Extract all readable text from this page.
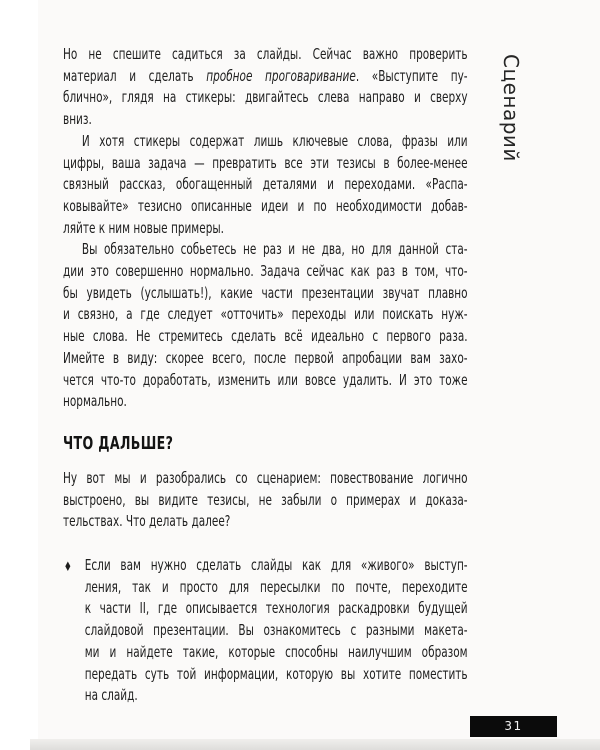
Но не спешите садиться за слайды. Сейчас важно проверить
материал и сделать пробное проговаривание. «Выступите пу-
блично», глядя на стикеры: двигайтесь слева направо и сверху
вниз.
И хотя стикеры содержат лишь ключевые слова, фразы или
цифры, ваша задача — превратить все эти тезисы в более-менее
связный рассказ, обогащенный деталями и переходами. «Распа-
ковывайте» тезисно описанные идеи и по необходимости добав-
ляйте к ним новые примеры.
Вы обязательно собьетесь не раз и не два, но для данной ста-
дии это совершенно нормально. Задача сейчас как раз в том, что-
бы увидеть (услышать!), какие части презентации звучат плавно
и связно, а где следует «отточить» переходы или поискать нуж-
ные слова. Не стремитесь сделать всё идеально с первого раза.
Имейте в виду: скорее всего, после первой апробации вам захо-
чется что-то доработать, изменить или вовсе удалить. И это тоже
нормально.
ЧТО ДАЛЬШЕ?
Ну вот мы и разобрались со сценарием: повествование логично
выстроено, вы видите тезисы, не забыли о примерах и доказа-
тельствах. Что делать далее?
♦ Если вам нужно сделать слайды как для «живого» выступ-
ления, так и просто для пересылки по почте, переходите
к части II, где описывается технология раскадровки будущей
слайдовой презентации. Вы ознакомитесь с разными макета-
ми и найдете такие, которые способны наилучшим образом
передать суть той информации, которую вы хотите поместить
на слайд.
Сценарий
31
